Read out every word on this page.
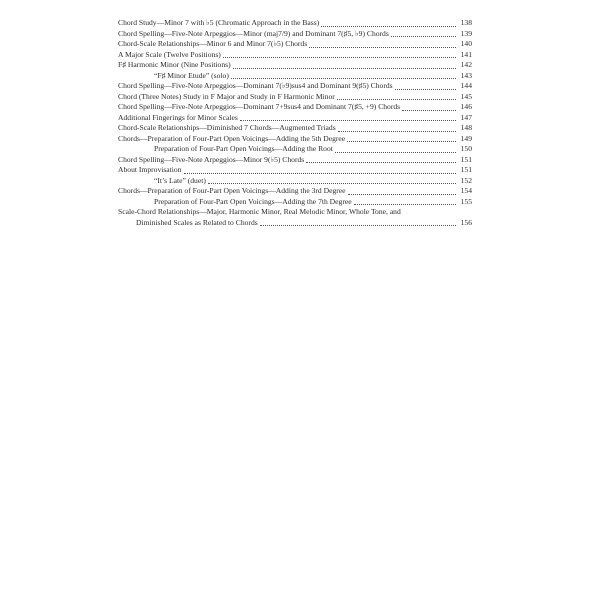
Chord Study—Minor 7 with ♭5 (Chromatic Approach in the Bass)	138
Chord Spelling—Five-Note Arpeggios—Minor (maj7/9) and Dominant 7(♯5, ♭9) Chords	139
Chord-Scale Relationships—Minor 6 and Minor 7(♭5) Chords	140
A Major Scale (Twelve Positions)	141
F♯ Harmonic Minor (Nine Positions)	142
“F♯ Minor Etude” (solo)	143
Chord Spelling—Five-Note Arpeggios—Dominant 7(♭9)sus4 and Dominant 9(♯5) Chords	144
Chord (Three Notes) Study in F Major and Study in F Harmonic Minor	145
Chord Spelling—Five-Note Arpeggios—Dominant 7+9sus4 and Dominant 7(♯5, +9) Chords	146
Additional Fingerings for Minor Scales	147
Chord-Scale Relationships—Diminished 7 Chords—Augmented Triads	148
Chords—Preparation of Four-Part Open Voicings—Adding the 5th Degree	149
Preparation of Four-Part Open Voicings—Adding the Root	150
Chord Spelling—Five-Note Arpeggios—Minor 9(♭5) Chords	151
About Improvisation	151
“It’s Late” (duet)	152
Chords—Preparation of Four-Part Open Voicings—Adding the 3rd Degree	154
Preparation of Four-Part Open Voicings—Adding the 7th Degree	155
Scale-Chord Relationships—Major, Harmonic Minor, Real Melodic Minor, Whole Tone, and
Diminished Scales as Related to Chords	156
